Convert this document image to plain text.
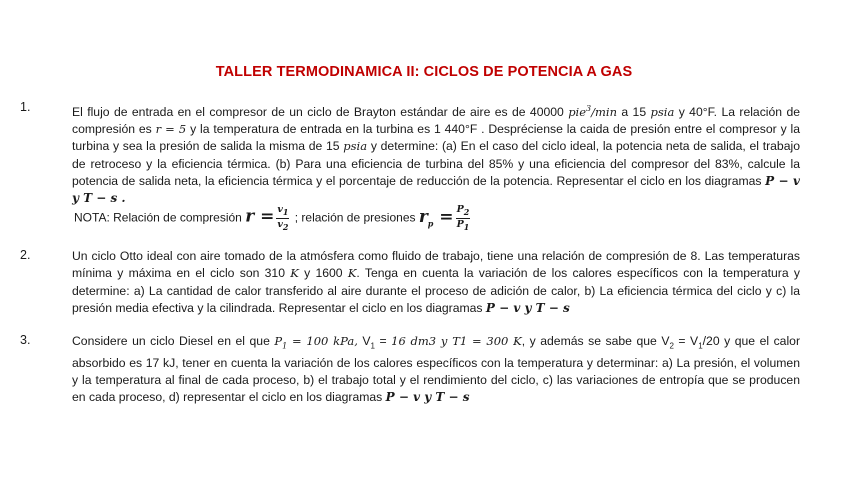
TALLER TERMODINAMICA II: CICLOS DE POTENCIA A GAS
1.	El flujo de entrada en el compresor de un ciclo de Brayton estándar de aire es de 40000 pie$^3$/min a 15 psia y 40°F. La relación de compresión es r = 5 y la temperatura de entrada en la turbina es 1 440°F . Despréciense la caida de presión entre el compresor y la turbina y sea la presión de salida la misma de 15 psia y determine: (a) En el caso del ciclo ideal, la potencia neta de salida, el trabajo de retroceso y la eficiencia térmica. (b) Para una eficiencia de turbina del 85% y una eficiencia del compresor del 83%, calcule la potencia de salida neta, la eficiencia térmica y el porcentaje de reducción de la potencia. Representar el ciclo en los diagramas P − v y T − s .
NOTA: Relación de compresión $r = \frac{v_1}{v_2}$ ; relación de presiones $r_p = \frac{P_2}{P_1}$
2.	Un ciclo Otto ideal con aire tomado de la atmósfera como fluido de trabajo, tiene una relación de compresión de 8. Las temperaturas mínima y máxima en el ciclo son 310 K y 1600 K. Tenga en cuenta la variación de los calores específicos con la temperatura y determine: a) La cantidad de calor transferido al aire durante el proceso de adición de calor, b) La eficiencia térmica del ciclo y c) la presión media efectiva y la cilindrada. Representar el ciclo en los diagramas P − v y T − s
3.	Considere un ciclo Diesel en el que $P_1 = 100$ kPa, $V_1 = 16$ dm3 y T1 = 300 K, y además se sabe que $V_2 = V_1/20$ y que el calor absorbido es 17 kJ, tener en cuenta la variación de los calores específicos con la temperatura y determinar: a) La presión, el volumen y la temperatura al final de cada proceso, b) el trabajo total y el rendimiento del ciclo, c) las variaciones de entropía que se producen en cada proceso, d) representar el ciclo en los diagramas P − v y T − s
